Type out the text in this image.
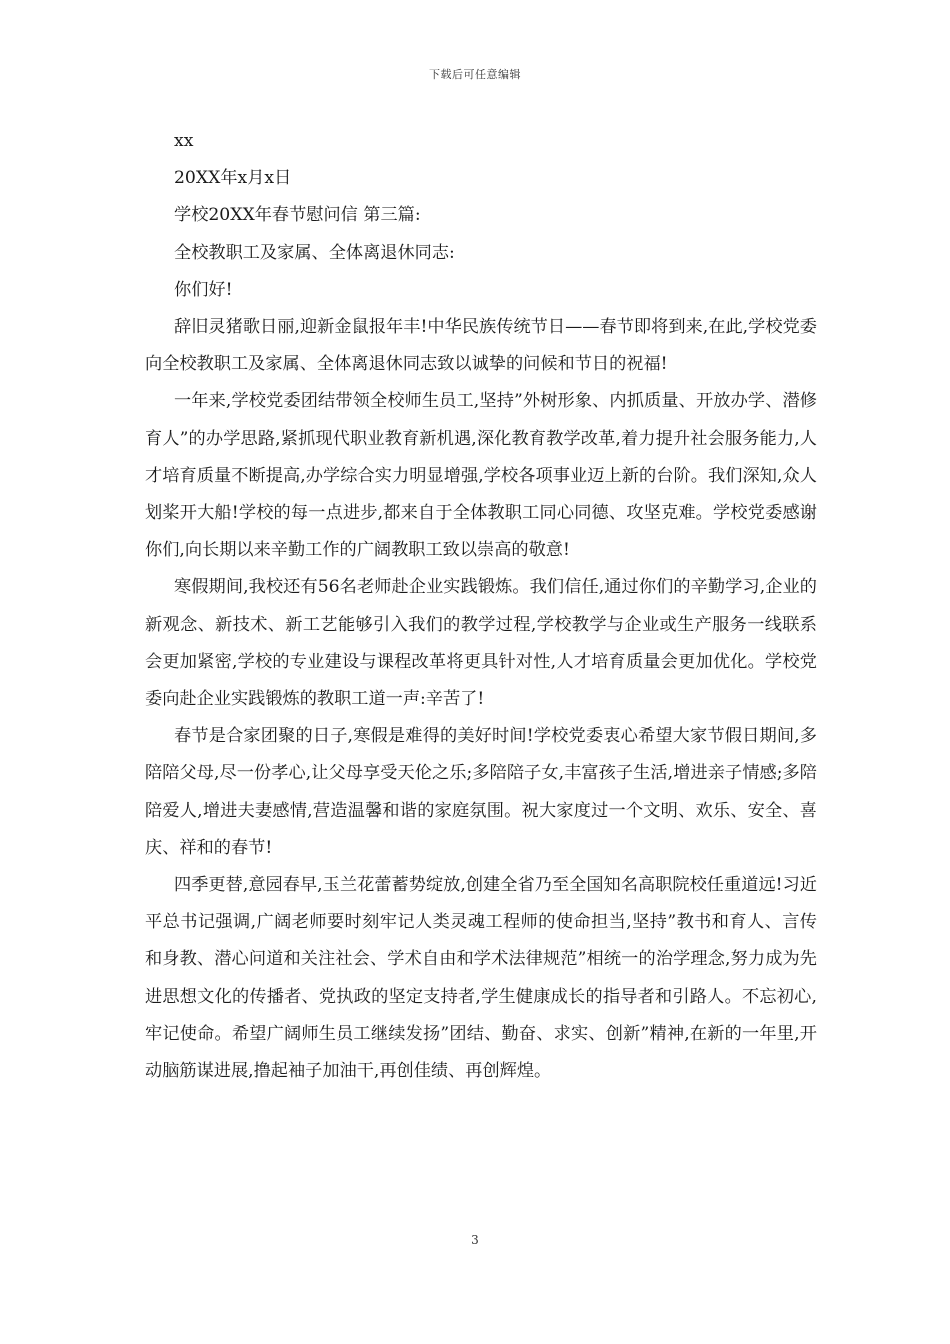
下载后可任意编辑
xx
20XX年x月x日
学校20XX年春节慰问信 第三篇:
全校教职工及家属、全体离退休同志:
你们好!

辞旧灵猪歌日丽,迎新金鼠报年丰!中华民族传统节日——春节即将到来,在此,学校党委向全校教职工及家属、全体离退休同志致以诚挚的问候和节日的祝福!

一年来,学校党委团结带领全校师生员工,坚持”外树形象、内抓质量、开放办学、潜修育人”的办学思路,紧抓现代职业教育新机遇,深化教育教学改革,着力提升社会服务能力,人才培育质量不断提高,办学综合实力明显增强,学校各项事业迈上新的台阶。我们深知,众人划桨开大船!学校的每一点进步,都来自于全体教职工同心同德、攻坚克难。学校党委感谢你们,向长期以来辛勤工作的广阔教职工致以崇高的敬意!

寒假期间,我校还有56名老师赴企业实践锻炼。我们信任,通过你们的辛勤学习,企业的新观念、新技术、新工艺能够引入我们的教学过程,学校教学与企业或生产服务一线联系会更加紧密,学校的专业建设与课程改革将更具针对性,人才培育质量会更加优化。学校党委向赴企业实践锻炼的教职工道一声:辛苦了!

春节是合家团聚的日子,寒假是难得的美好时间!学校党委衷心希望大家节假日期间,多陪陪父母,尽一份孝心,让父母享受天伦之乐;多陪陪子女,丰富孩子生活,增进亲子情感;多陪陪爱人,增进夫妻感情,营造温馨和谐的家庭氛围。祝大家度过一个文明、欢乐、安全、喜庆、祥和的春节!

四季更替,意园春早,玉兰花蕾蓄势绽放,创建全省乃至全国知名高职院校任重道远!习近平总书记强调,广阔老师要时刻牢记人类灵魂工程师的使命担当,坚持”教书和育人、言传和身教、潜心问道和关注社会、学术自由和学术法律规范”相统一的治学理念,努力成为先进思想文化的传播者、党执政的坚定支持者,学生健康成长的指导者和引路人。不忘初心,牢记使命。希望广阔师生员工继续发扬”团结、勤奋、求实、创新”精神,在新的一年里,开动脑筋谋进展,撸起袖子加油干,再创佳绩、再创辉煌。

3
